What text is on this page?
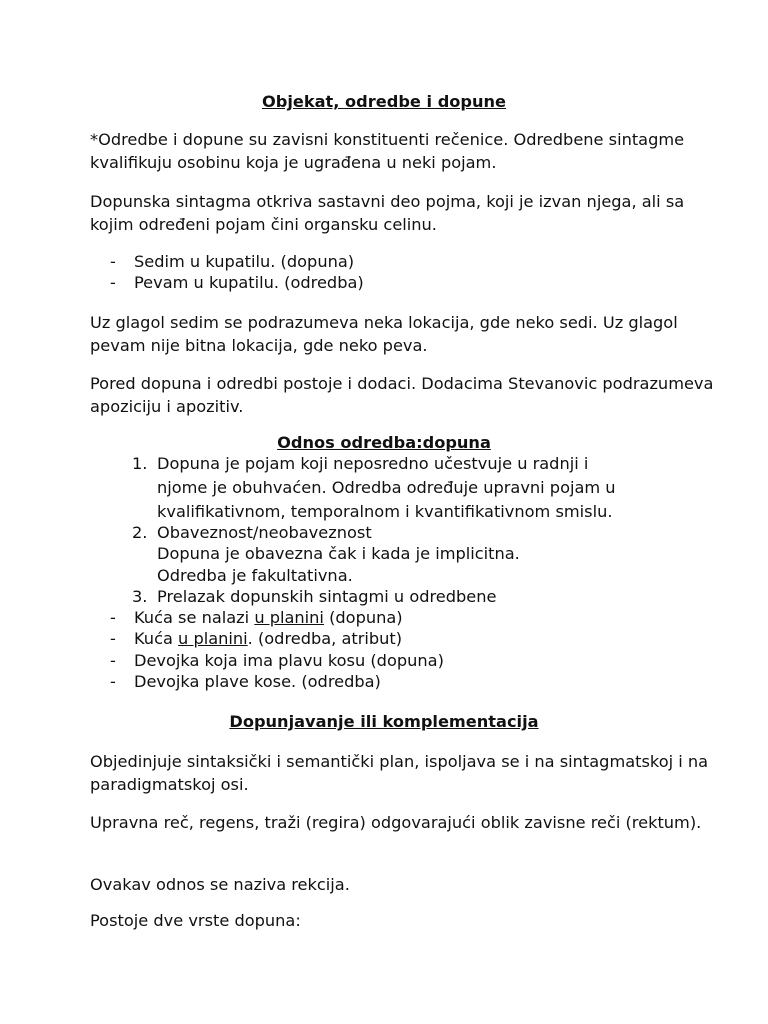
Objekat, odredbe i dopune

*Odredbe i dopune su zavisni konstituenti rečenice. Odredbene sintagme kvalifikuju osobinu koja je ugrađena u neki pojam.

Dopunska sintagma otkriva sastavni deo pojma, koji je izvan njega, ali sa kojim određeni pojam čini organsku celinu.

- Sedim u kupatilu. (dopuna)
- Pevam u kupatilu. (odredba)

Uz glagol sedim se podrazumeva neka lokacija, gde neko sedi. Uz glagol pevam nije bitna lokacija, gde neko peva.

Pored dopuna i odredbi postoje i dodaci. Dodacima Stevanovic podrazumeva apoziciju i apozitiv.

Odnos odredba:dopuna
1. Dopuna je pojam koji neposredno učestvuje u radnji i
njome je obuhvaćen. Odredba određuje upravni pojam u
kvalifikativnom, temporalnom i kvantifikativnom smislu.
2. Obaveznost/neobaveznost
Dopuna je obavezna čak i kada je implicitna.
Odredba je fakultativna.
3. Prelazak dopunskih sintagmi u odredbene
- Kuća se nalazi u planini (dopuna)
- Kuća u planini. (odredba, atribut)
- Devojka koja ima plavu kosu (dopuna)
- Devojka plave kose. (odredba)
Dopunjavanje ili komplementacija

Objedinjuje sintaksički i semantički plan, ispoljava se i na sintagmatskoj i na paradigmatskoj osi.

Upravna reč, regens, traži (regira) odgovarajući oblik zavisne reči (rektum).

Ovakav odnos se naziva rekcija.

Postoje dve vrste dopuna:
